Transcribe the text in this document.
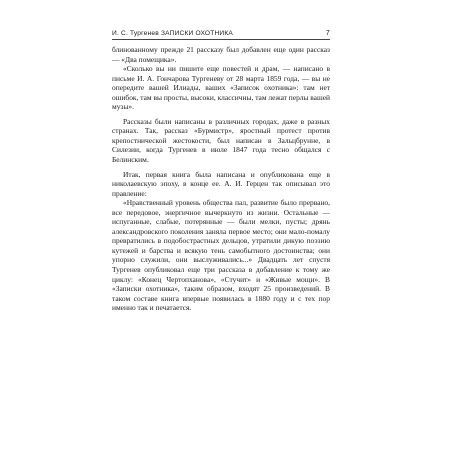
И. С. Тургенев ЗАПИСКИ ОХОТНИКА	7

блинованному прежде 21 рассказу был добавлен еще один рассказ — «Два помещика».

«Сколько вы ни пишите еще повестей и драм, — написано в письме И. А. Гончарова Тургеневу от 28 марта 1859 года, — вы не опередите вашей Илиады, ваших «Записок охотника»: там нет ошибок, там вы просты, высоки, классичны, там лежат перлы вашей музы».

Рассказы были написаны в различных городах, даже в разных странах. Так, рассказ «Бурмистр», яростный протест против крепостнической жестокости, был написан в Зальцбрунне, в Силезии, когда Тургенев в июле 1847 года тесно общался с Белинским.

Итак, первая книга была написана и опубликована еще в николаевскую эпоху, в конце ее. А. И. Герцен так описывал это правление:

«Нравственный уровень общества пал, развитие было прервано, все передовое, энергичное вычеркнуто из жизни. Остальные — испуганные, слабые, потерянные — были мелки, пусты; дрянь александровского поколения заняла первое место; они мало-помалу превратились в подобострастных дельцов, утратили дикую поэзию кутежей и барства и всякую тень самобытного достоинства; они упорно служили, они выслуживались...» Двадцать лет спустя Тургенев опубликовал еще три рассказа в добавление к тому же циклу: «Конец Чертопханова», «Стучит» и «Живые мощи». В «Записки охотника», таким образом, входят 25 произведений. В таком составе книга впервые появилась в 1880 году и с тех пор именно так и печатается.
